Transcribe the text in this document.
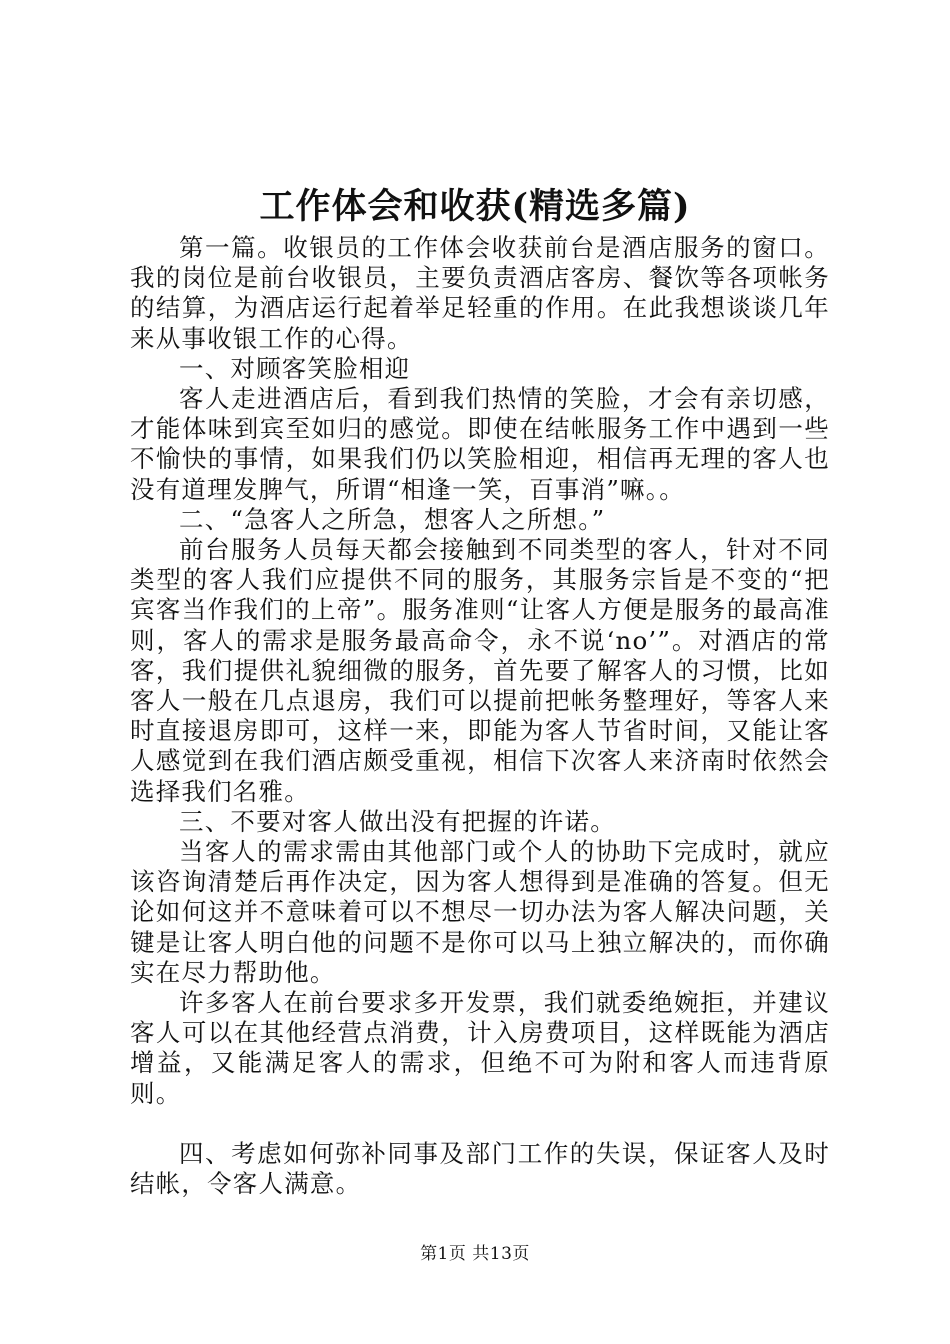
工作体会和收获(精选多篇)

第一篇。收银员的工作体会收获前台是酒店服务的窗口。我的岗位是前台收银员，主要负责酒店客房、餐饮等各项帐务的结算，为酒店运行起着举足轻重的作用。在此我想谈谈几年来从事收银工作的心得。

一、对顾客笑脸相迎

客人走进酒店后，看到我们热情的笑脸，才会有亲切感，才能体味到宾至如归的感觉。即使在结帐服务工作中遇到一些不愉快的事情，如果我们仍以笑脸相迎，相信再无理的客人也没有道理发脾气，所谓“相逢一笑，百事消”嘛。。

二、“急客人之所急，想客人之所想。”

前台服务人员每天都会接触到不同类型的客人，针对不同类型的客人我们应提供不同的服务，其服务宗旨是不变的“把宾客当作我们的上帝”。服务准则“让客人方便是服务的最高准则，客人的需求是服务最高命令，永不说‘no’”。对酒店的常客，我们提供礼貌细微的服务，首先要了解客人的习惯，比如客人一般在几点退房，我们可以提前把帐务整理好，等客人来时直接退房即可，这样一来，即能为客人节省时间，又能让客人感觉到在我们酒店颇受重视，相信下次客人来济南时依然会选择我们名雅。

三、不要对客人做出没有把握的许诺。

当客人的需求需由其他部门或个人的协助下完成时，就应该咨询清楚后再作决定，因为客人想得到是准确的答复。但无论如何这并不意味着可以不想尽一切办法为客人解决问题，关键是让客人明白他的问题不是你可以马上独立解决的，而你确实在尽力帮助他。

许多客人在前台要求多开发票，我们就委绝婉拒，并建议客人可以在其他经营点消费，计入房费项目，这样既能为酒店增益，又能满足客人的需求，但绝不可为附和客人而违背原则。

四、考虑如何弥补同事及部门工作的失误，保证客人及时结帐，令客人满意。

第1页 共13页
